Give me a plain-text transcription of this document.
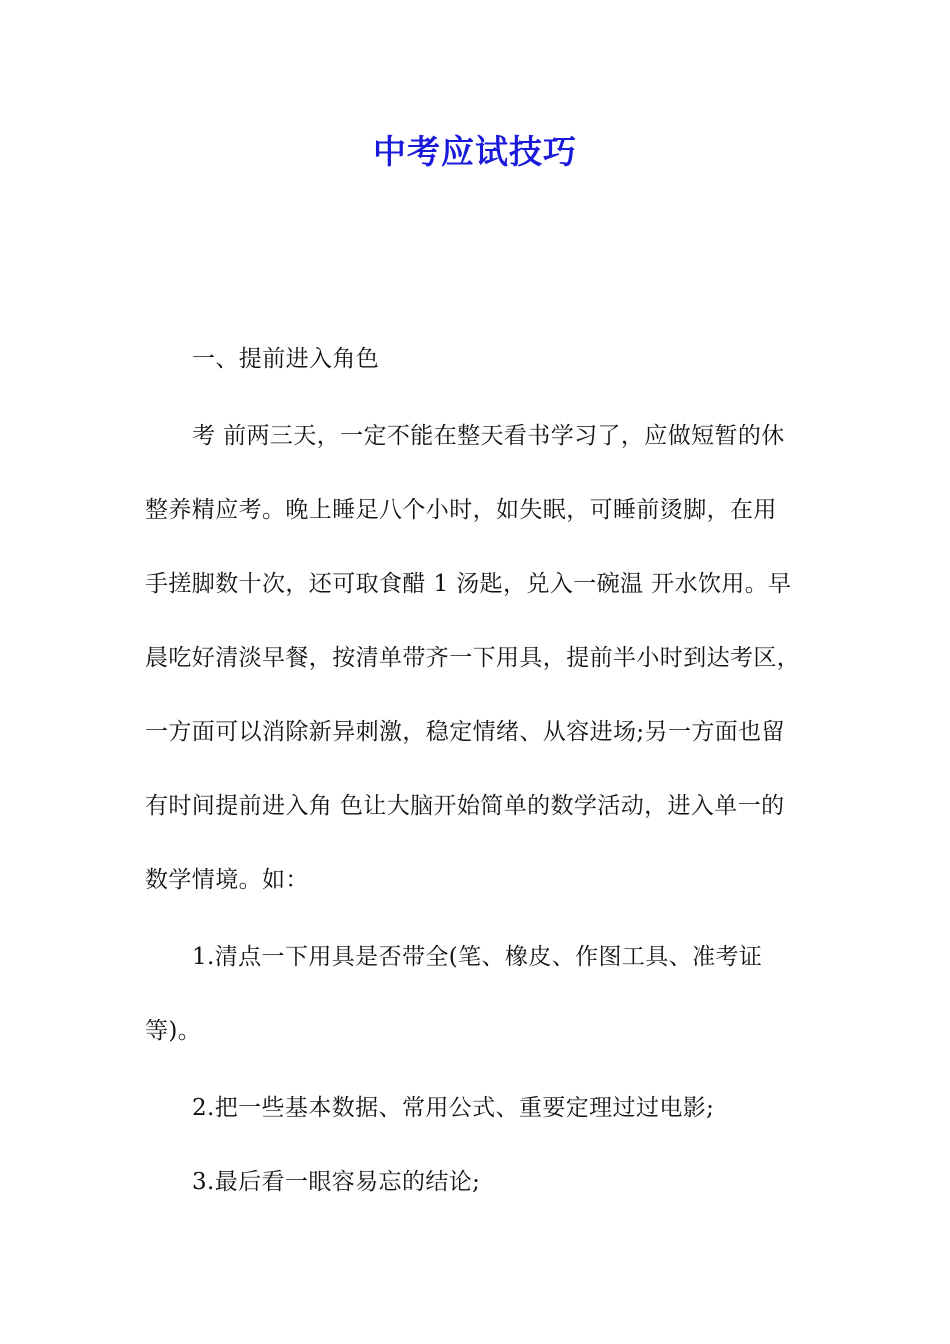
中考应试技巧
一、提前进入角色
考 前两三天，一定不能在整天看书学习了，应做短暂的休
整养精应考。晚上睡足八个小时，如失眠，可睡前烫脚，在用
手搓脚数十次，还可取食醋 1 汤匙，兑入一碗温 开水饮用。早
晨吃好清淡早餐，按清单带齐一下用具，提前半小时到达考区，
一方面可以消除新异刺激，稳定情绪、从容进场;另一方面也留
有时间提前进入角 色让大脑开始简单的数学活动，进入单一的
数学情境。如：
1.清点一下用具是否带全(笔、橡皮、作图工具、准考证
等)。
2.把一些基本数据、常用公式、重要定理过过电影;
3.最后看一眼容易忘的结论;
